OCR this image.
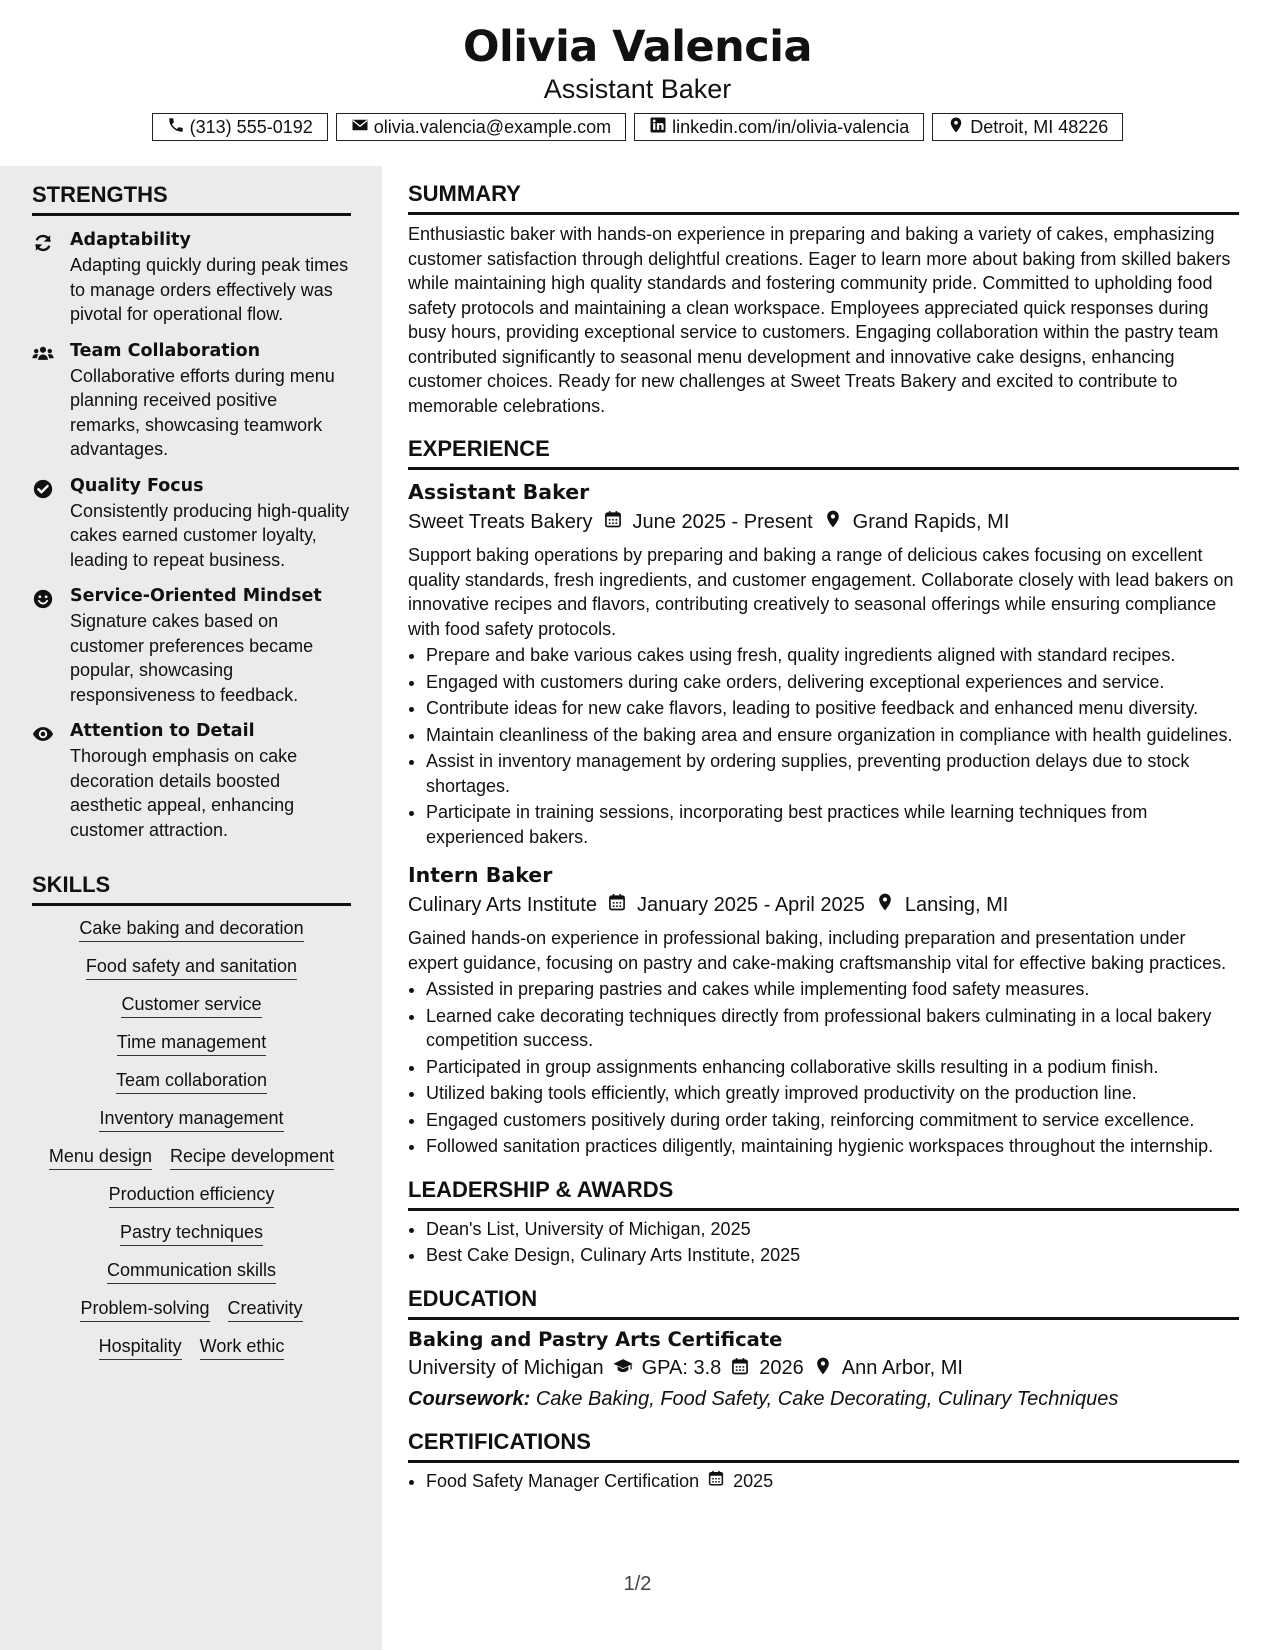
Olivia Valencia
Assistant Baker
(313) 555-0192	olivia.valencia@example.com	linkedin.com/in/olivia-valencia	Detroit, MI 48226
STRENGTHS
Adaptability
Adapting quickly during peak times to manage orders effectively was pivotal for operational flow.
Team Collaboration
Collaborative efforts during menu planning received positive remarks, showcasing teamwork advantages.
Quality Focus
Consistently producing high-quality cakes earned customer loyalty, leading to repeat business.
Service-Oriented Mindset
Signature cakes based on customer preferences became popular, showcasing responsiveness to feedback.
Attention to Detail
Thorough emphasis on cake decoration details boosted aesthetic appeal, enhancing customer attraction.
SKILLS
Cake baking and decoration
Food safety and sanitation
Customer service
Time management
Team collaboration
Inventory management
Menu design Recipe development
Production efficiency
Pastry techniques
Communication skills
Problem-solving Creativity
Hospitality Work ethic
SUMMARY
Enthusiastic baker with hands-on experience in preparing and baking a variety of cakes, emphasizing customer satisfaction through delightful creations. Eager to learn more about baking from skilled bakers while maintaining high quality standards and fostering community pride. Committed to upholding food safety protocols and maintaining a clean workspace. Employees appreciated quick responses during busy hours, providing exceptional service to customers. Engaging collaboration within the pastry team contributed significantly to seasonal menu development and innovative cake designs, enhancing customer choices. Ready for new challenges at Sweet Treats Bakery and excited to contribute to memorable celebrations.
EXPERIENCE
Assistant Baker
Sweet Treats Bakery June 2025 - Present Grand Rapids, MI
Support baking operations by preparing and baking a range of delicious cakes focusing on excellent quality standards, fresh ingredients, and customer engagement. Collaborate closely with lead bakers on innovative recipes and flavors, contributing creatively to seasonal offerings while ensuring compliance with food safety protocols.
• Prepare and bake various cakes using fresh, quality ingredients aligned with standard recipes.
• Engaged with customers during cake orders, delivering exceptional experiences and service.
• Contribute ideas for new cake flavors, leading to positive feedback and enhanced menu diversity.
• Maintain cleanliness of the baking area and ensure organization in compliance with health guidelines.
• Assist in inventory management by ordering supplies, preventing production delays due to stock shortages.
• Participate in training sessions, incorporating best practices while learning techniques from experienced bakers.
Intern Baker
Culinary Arts Institute January 2025 - April 2025 Lansing, MI
Gained hands-on experience in professional baking, including preparation and presentation under expert guidance, focusing on pastry and cake-making craftsmanship vital for effective baking practices.
• Assisted in preparing pastries and cakes while implementing food safety measures.
• Learned cake decorating techniques directly from professional bakers culminating in a local bakery competition success.
• Participated in group assignments enhancing collaborative skills resulting in a podium finish.
• Utilized baking tools efficiently, which greatly improved productivity on the production line.
• Engaged customers positively during order taking, reinforcing commitment to service excellence.
• Followed sanitation practices diligently, maintaining hygienic workspaces throughout the internship.
LEADERSHIP & AWARDS
• Dean's List, University of Michigan, 2025
• Best Cake Design, Culinary Arts Institute, 2025
EDUCATION
Baking and Pastry Arts Certificate
University of Michigan GPA: 3.8 2026 Ann Arbor, MI
Coursework: Cake Baking, Food Safety, Cake Decorating, Culinary Techniques
CERTIFICATIONS
• Food Safety Manager Certification 2025
1/2
